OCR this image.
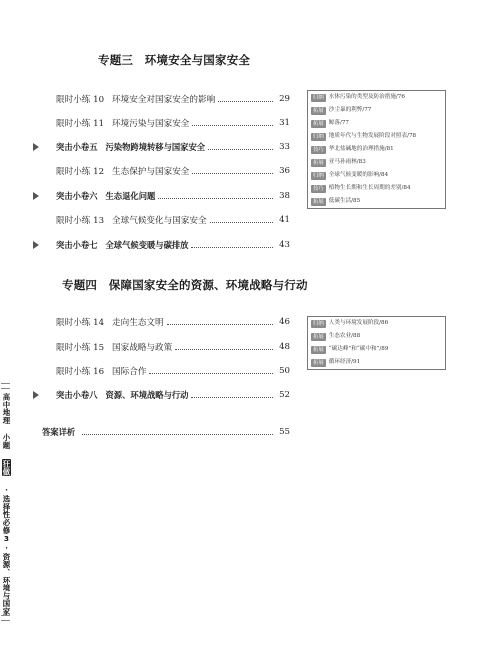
专题三　环境安全与国家安全
限时小练 10 环境安全对国家安全的影响	29
限时小练 11 环境污染与国家安全	31
突击小卷五 污染物跨境转移与国家安全	33
限时小练 12 生态保护与国家安全	36
突击小卷六 生态退化问题	38
限时小练 13 全球气候变化与国家安全	41
突击小卷七 全球气候变暖与碳排放	43
归纳 水体污染的类型及防治措施/76
拓展 沙尘暴的利弊/77
拓展 鲸落/77
归纳 地质年代与生物发展阶段对照表/78
技巧 华北盐碱地的治理措施/81
拓展 亚马孙雨林/83
归纳 全球气候变暖的影响/84
技巧 植物生长期和生长周期的差别/84
拓展 低碳生活/85
专题四　保障国家安全的资源、环境战略与行动
限时小练 14 走向生态文明	46
限时小练 15 国家战略与政策	48
限时小练 16 国际合作	50
突击小卷八 资源、环境战略与行动	52
归纳 人类与环境发展阶段/86
拓展 生态农业/88
拓展 “碳达峰”和“碳中和”/89
拓展 循环经济/91
答案详析	55
高中地理 小题 狂做 ·选择性必修3·资源、环境与国家
